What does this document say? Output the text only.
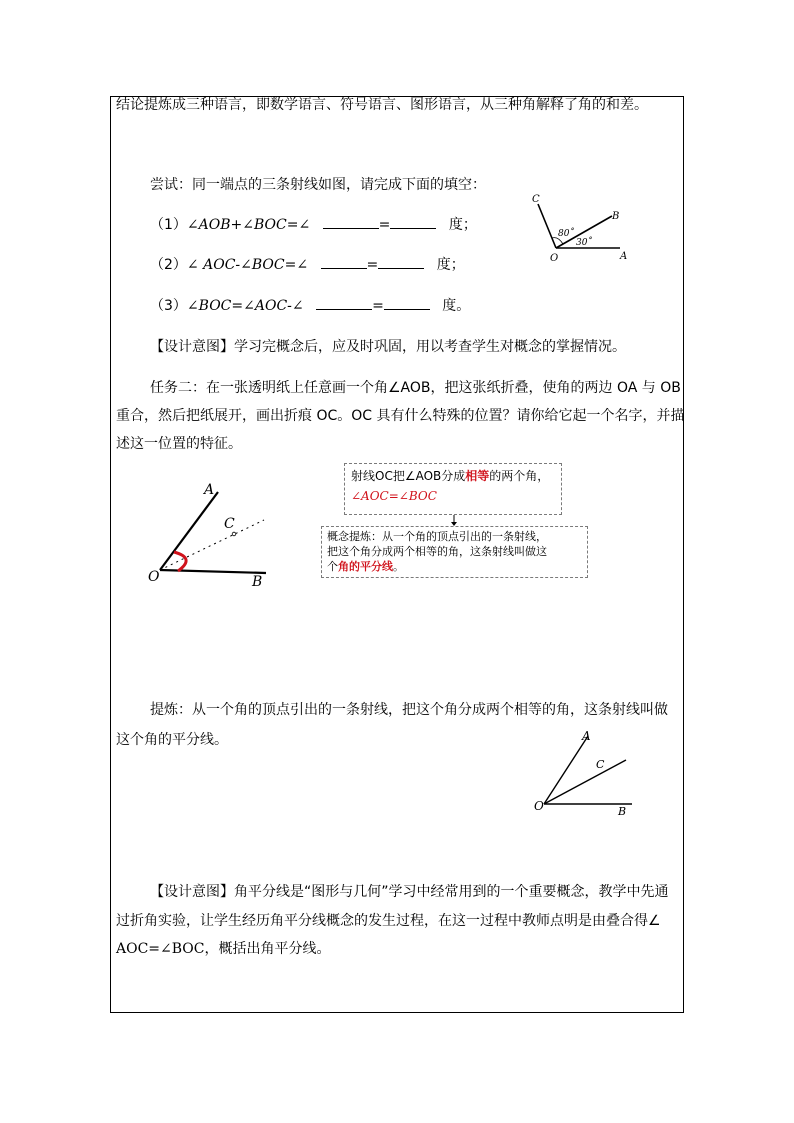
结论提炼成三种语言，即数学语言、符号语言、图形语言，从三种角解释了角的和差。
尝试：同一端点的三条射线如图，请完成下面的填空：
（1）∠AOB+∠BOC=∠	=	度；
（2）∠ AOC-∠BOC=∠	=	度；
（3）∠BOC=∠AOC-∠	=	度。
C
B
O	A
80˚
30˚
【设计意图】学习完概念后，应及时巩固，用以考查学生对概念的掌握情况。
任务二：在一张透明纸上任意画一个角∠AOB，把这张纸折叠，使角的两边 OA 与 OB
重合，然后把纸展开，画出折痕 OC。OC 具有什么特殊的位置？请你给它起一个名字，并描
述这一位置的特征。
A
C
O	B
射线OC把∠AOB分成相等的两个角，
∠AOC=∠BOC
概念提炼：从一个角的顶点引出的一条射线，
把这个角分成两个相等的角，这条射线叫做这
个角的平分线。
提炼：从一个角的顶点引出的一条射线，把这个角分成两个相等的角，这条射线叫做
这个角的平分线。	A
C
O	B
【设计意图】角平分线是“图形与几何”学习中经常用到的一个重要概念，教学中先通
过折角实验，让学生经历角平分线概念的发生过程，在这一过程中教师点明是由叠合得∠
AOC=∠BOC，概括出角平分线。
